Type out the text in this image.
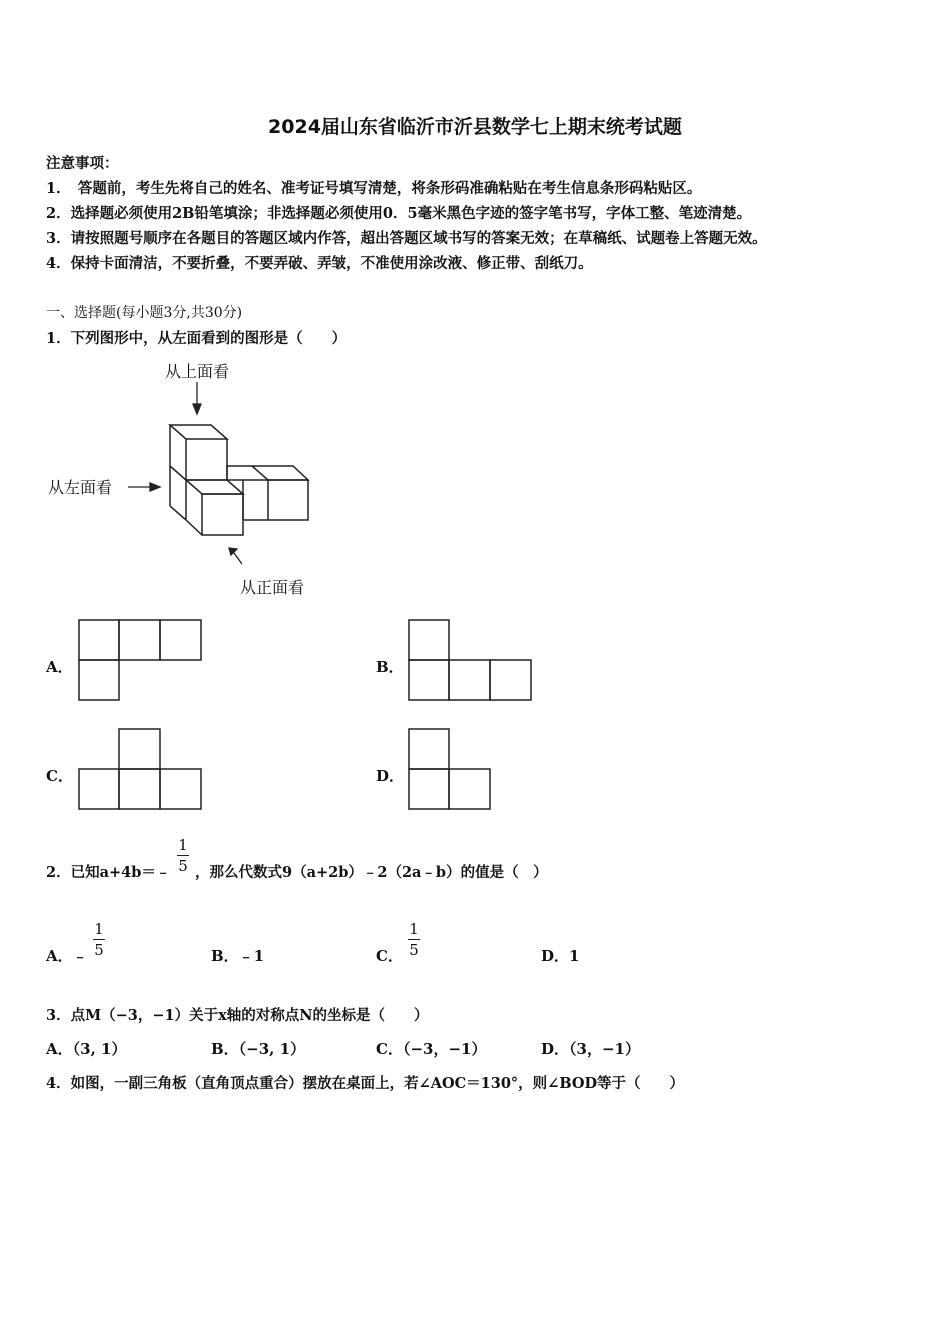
2024届山东省临沂市沂县数学七上期末统考试题
注意事项：
1．　答题前，考生先将自己的姓名、准考证号填写清楚，将条形码准确粘贴在考生信息条形码粘贴区。
2．选择题必须使用2B铅笔填涂；非选择题必须使用0．5毫米黑色字迹的签字笔书写，字体工整、笔迹清楚。
3．请按照题号顺序在各题目的答题区域内作答，超出答题区域书写的答案无效；在草稿纸、试题卷上答题无效。
4．保持卡面清洁，不要折叠，不要弄破、弄皱，不准使用涂改液、修正带、刮纸刀。
一、选择题(每小题3分,共30分)
1．下列图形中，从左面看到的图形是（　　）
从上面看
从左面看
从正面看
A．	B．
C．	D．
2．已知a+4b＝﹣
1
5 ，那么代数式9（a+2b）﹣2（2a﹣b）的值是（　）
A．﹣
1
5	B．﹣1	C．
1
5	D．1
3．点M（−3，−1）关于x轴的对称点N的坐标是（　　）
A．（3, 1）	B．（−3, 1）	C．（−3，−1）	D．（3，−1）
4．如图，一副三角板（直角顶点重合）摆放在桌面上，若∠AOC＝130°，则∠BOD等于（　　）
